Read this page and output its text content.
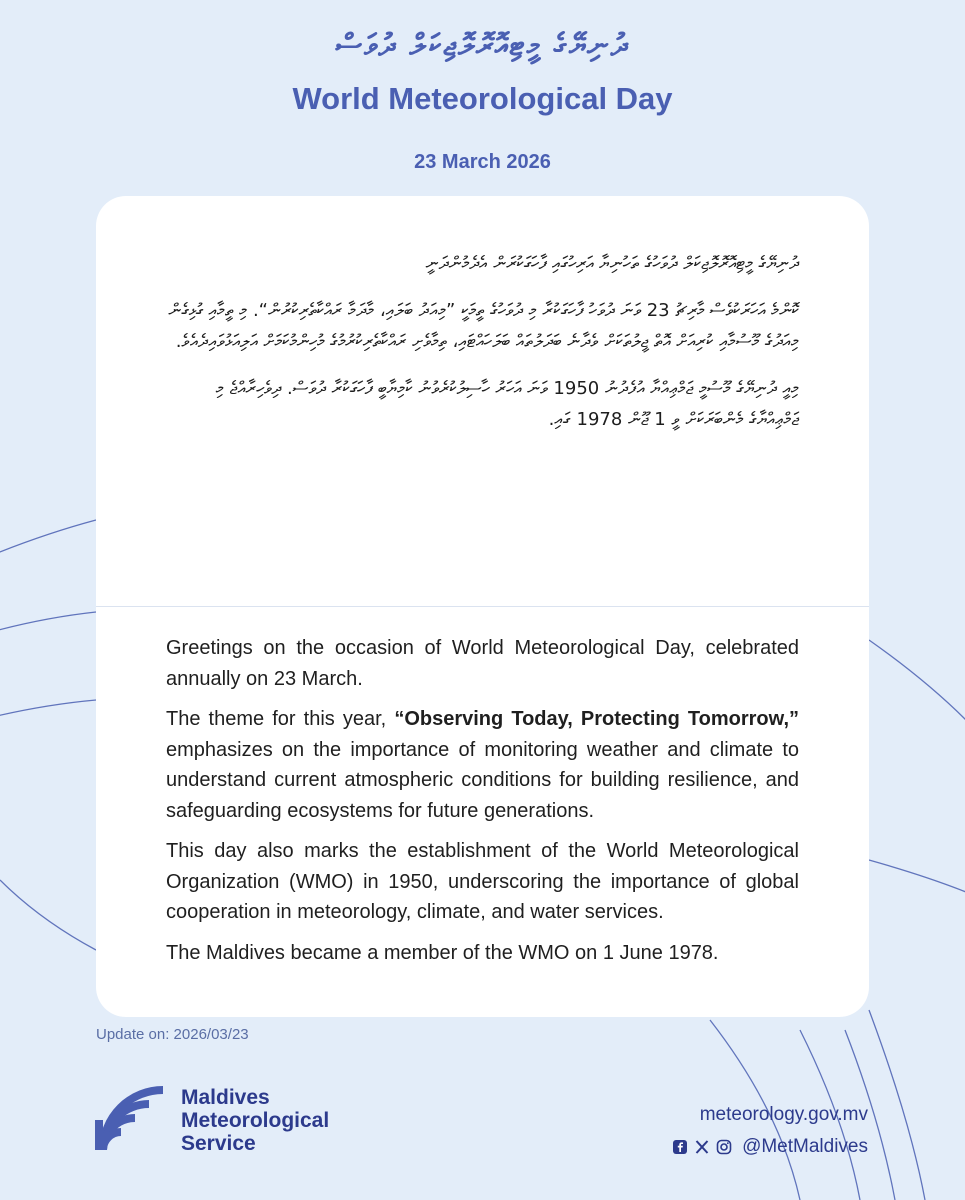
ދުނިޔޭގެ މީޓިއޮރޮލޮޖިކަލް ދުވަސް
World Meteorological Day
23 March 2026

ދުނިޔޭގެ މީޓިއޮރޮލޮޖިކަލް ދުވަހުގެ ތަހުނިޔާ އަރިހުގައި ފާހަގަކުރަން އެދެމުންދަނީ

ކޮންމެ އަހަރަކުވެސް މާރިޗު 23 ވަނަ ދުވަހު ފާހަގަކުރާ މި ދުވަހުގެ ތީމަކީ ”މިއަދު ބަލައި، މާދަމާ ރައްކާތެރިކުރުން“. މި ތީމާއި ގުޅިގެން މިއަދުގެ މޫސުމާއި ކުރިއަށް އޮތް ޖީލުތަކަށް ވެދާނެ ބަދަލުތައް ބަލަހައްޓައި، ތިމާވެށި ރައްކާތެރިކުރުމުގެ މުހިންމުކަމަށް އަލިއަޅުވައިދެއެވެ.

މިއީ ދުނިޔޭގެ މޫސުމީ ޖަމްޢިއްޔާ އުފެދުނު 1950 ވަނަ އަހަރު ހާސިލުކުރެވުނު ކާމިޔާބީ ފާހަގަކުރާ ދުވަސް. ދިވެހިރާއްޖެ މި ޖަމްޢިއްޔާގެ މެންބަރަކަށް ވީ 1 ޖޫން 1978 ގައި.

Greetings on the occasion of World Meteorological Day, celebrated annually on 23 March.

The theme for this year, “Observing Today, Protecting Tomorrow,” emphasizes on the importance of monitoring weather and climate to understand current atmospheric conditions for building resilience, and safeguarding ecosystems for future generations.

This day also marks the establishment of the World Meteorological Organization (WMO) in 1950, underscoring the importance of global cooperation in meteorology, climate, and water services.

The Maldives became a member of the WMO on 1 June 1978.

Update on: 2026/03/23
Maldives
Meteorological
Service
meteorology.gov.mv
@MetMaldives
